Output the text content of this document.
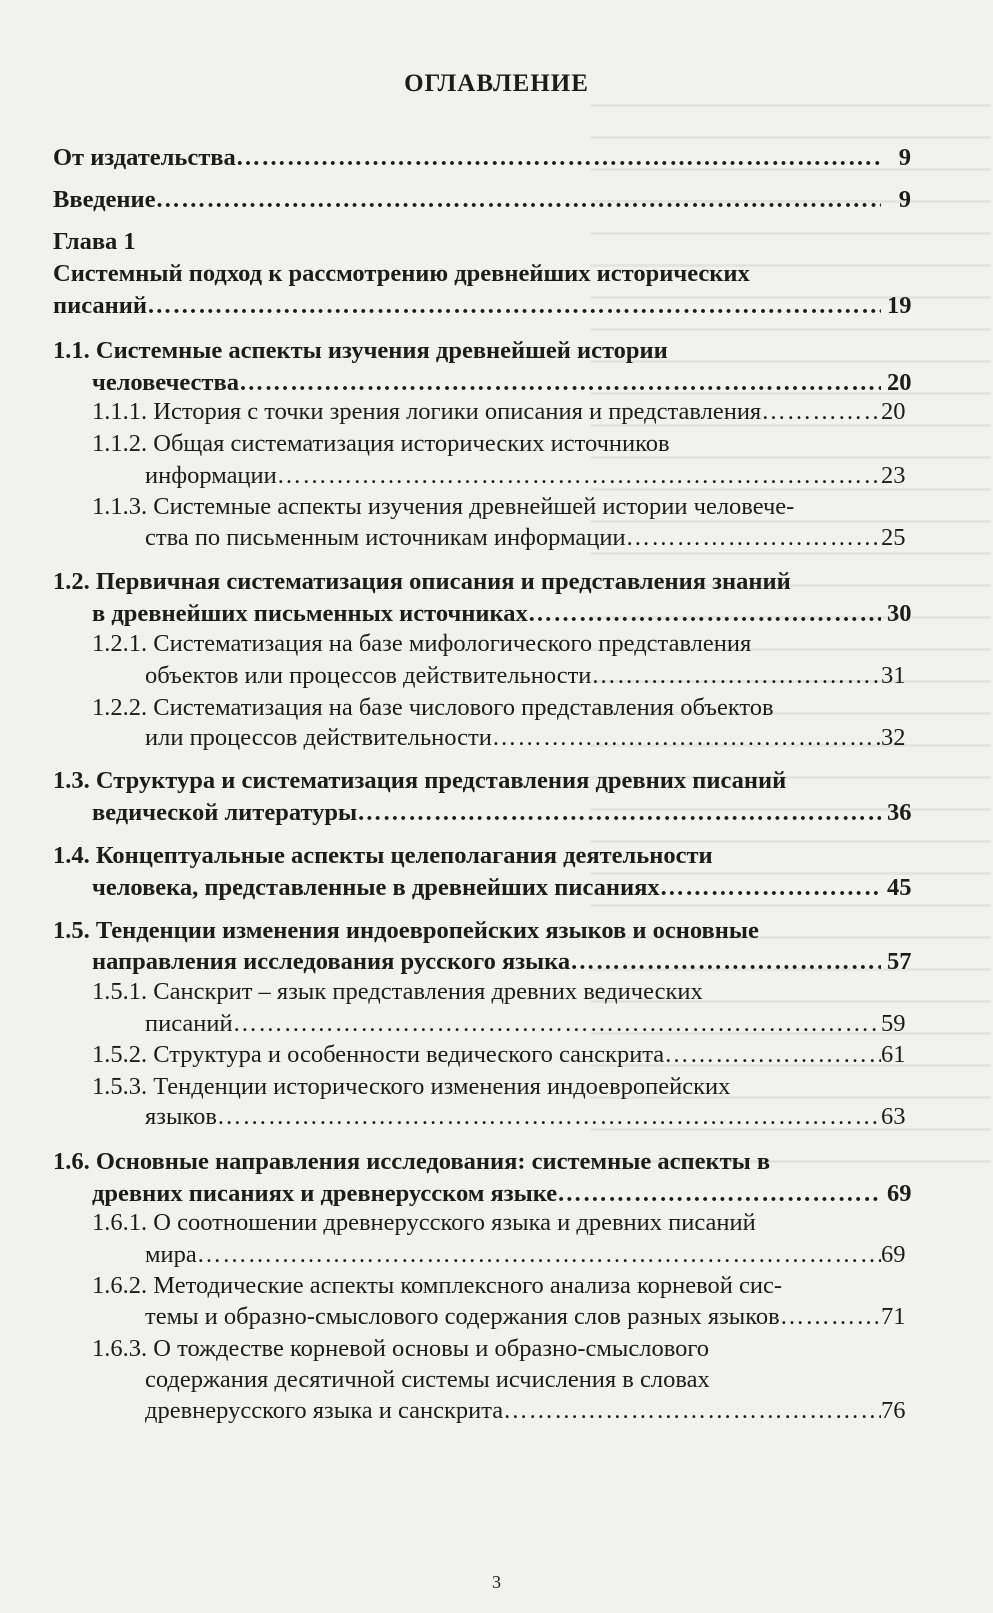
ОГЛАВЛЕНИЕ
От издательства …………………………………………………………………………………………………………………………………………………………………………………………………………………………	9
Введение …………………………………………………………………………………………………………………………………………………………………………………………………………………………	9
Глава 1
Системный подход к рассмотрению древнейших исторических
писаний …………………………………………………………………………………………………………………………………………………………………………………………………………………………	19
1.1. Системные аспекты изучения древнейшей истории
человечества …………………………………………………………………………………………………………………………………………………………………………………………………………………………	20
1.1.1. История с точки зрения логики описания и представления …………………………………………………………………………………………………………………………………………………………………………………………………………………………	20
1.1.2. Общая систематизация исторических источников
информации …………………………………………………………………………………………………………………………………………………………………………………………………………………………	23
1.1.3. Системные аспекты изучения древнейшей истории человече-
ства по письменным источникам информации …………………………………………………………………………………………………………………………………………………………………………………………………………………………	25
1.2. Первичная систематизация описания и представления знаний
в древнейших письменных источниках …………………………………………………………………………………………………………………………………………………………………………………………………………………………	30
1.2.1. Систематизация на базе мифологического представления
объектов или процессов действительности …………………………………………………………………………………………………………………………………………………………………………………………………………………………	31
1.2.2. Систематизация на базе числового представления объектов
или процессов действительности …………………………………………………………………………………………………………………………………………………………………………………………………………………………	32
1.3. Структура и систематизация представления древних писаний
ведической литературы …………………………………………………………………………………………………………………………………………………………………………………………………………………………	36
1.4. Концептуальные аспекты целеполагания деятельности
человека, представленные в древнейших писаниях …………………………………………………………………………………………………………………………………………………………………………………………………………………………	45
1.5. Тенденции изменения индоевропейских языков и основные
направления исследования русского языка …………………………………………………………………………………………………………………………………………………………………………………………………………………………	57
1.5.1. Санскрит – язык представления древних ведических
писаний …………………………………………………………………………………………………………………………………………………………………………………………………………………………	59
1.5.2. Структура и особенности ведического санскрита …………………………………………………………………………………………………………………………………………………………………………………………………………………………	61
1.5.3. Тенденции исторического изменения индоевропейских
языков …………………………………………………………………………………………………………………………………………………………………………………………………………………………	63
1.6. Основные направления исследования: системные аспекты в
древних писаниях и древнерусском языке …………………………………………………………………………………………………………………………………………………………………………………………………………………………	69
1.6.1. О соотношении древнерусского языка и древних писаний
мира …………………………………………………………………………………………………………………………………………………………………………………………………………………………	69
1.6.2. Методические аспекты комплексного анализа корневой сис-
темы и образно-смыслового содержания слов разных языков …………………………………………………………………………………………………………………………………………………………………………………………………………………………	71
1.6.3. О тождестве корневой основы и образно-смыслового
содержания десятичной системы исчисления в словах
древнерусского языка и санскрита …………………………………………………………………………………………………………………………………………………………………………………………………………………………	76
3
